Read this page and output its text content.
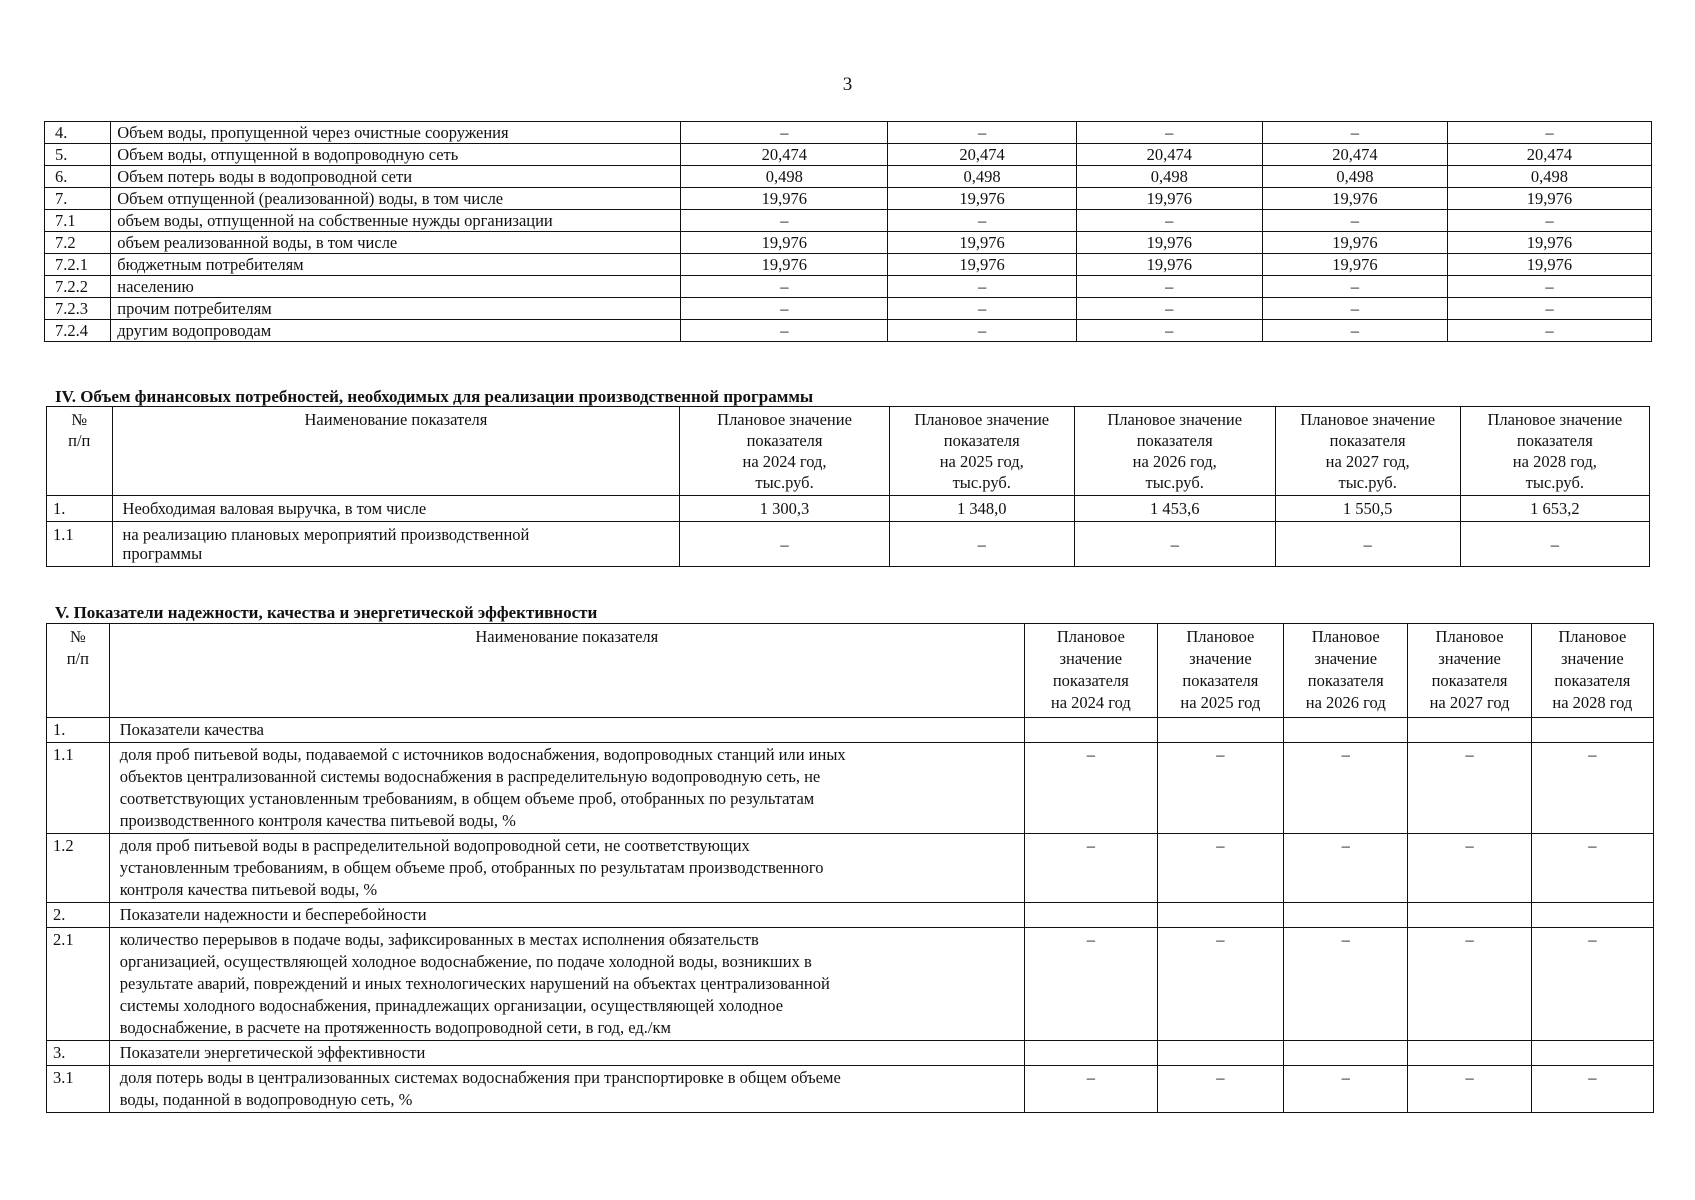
3
4.	Объем воды, пропущенной через очистные сооружения	–	–	–	–	–
5.	Объем воды, отпущенной в водопроводную сеть	20,474	20,474	20,474	20,474	20,474
6.	Объем потерь воды в водопроводной сети	0,498	0,498	0,498	0,498	0,498
7.	Объем отпущенной (реализованной) воды, в том числе	19,976	19,976	19,976	19,976	19,976
7.1	объем воды, отпущенной на собственные нужды организации	–	–	–	–	–
7.2	объем реализованной воды, в том числе	19,976	19,976	19,976	19,976	19,976
7.2.1	бюджетным потребителям	19,976	19,976	19,976	19,976	19,976
7.2.2	населению	–	–	–	–	–
7.2.3	прочим потребителям	–	–	–	–	–
7.2.4	другим водопроводам	–	–	–	–	–
IV. Объем финансовых потребностей, необходимых для реализации производственной программы
№
п/п	Наименование показателя	Плановое значение
показателя
на 2024 год,
тыс.руб.	Плановое значение
показателя
на 2025 год,
тыс.руб.	Плановое значение
показателя
на 2026 год,
тыс.руб.	Плановое значение
показателя
на 2027 год,
тыс.руб.	Плановое значение
показателя
на 2028 год,
тыс.руб.
1.	Необходимая валовая выручка, в том числе	1 300,3	1 348,0	1 453,6	1 550,5	1 653,2
1.1	на реализацию плановых мероприятий производственной
программы	–	–	–	–	–
V. Показатели надежности, качества и энергетической эффективности
№
п/п	Наименование показателя	Плановое
значение
показателя
на 2024 год	Плановое
значение
показателя
на 2025 год	Плановое
значение
показателя
на 2026 год	Плановое
значение
показателя
на 2027 год	Плановое
значение
показателя
на 2028 год
1.	Показатели качества					
1.1	доля проб питьевой воды, подаваемой с источников водоснабжения, водопроводных станций или иных
объектов централизованной системы водоснабжения в распределительную водопроводную сеть, не
соответствующих установленным требованиям, в общем объеме проб, отобранных по результатам
производственного контроля качества питьевой воды, %	–	–	–	–	–
1.2	доля проб питьевой воды в распределительной водопроводной сети, не соответствующих
установленным требованиям, в общем объеме проб, отобранных по результатам производственного
контроля качества питьевой воды, %	–	–	–	–	–
2.	Показатели надежности и бесперебойности					
2.1	количество перерывов в подаче воды, зафиксированных в местах исполнения обязательств
организацией, осуществляющей холодное водоснабжение, по подаче холодной воды, возникших в
результате аварий, повреждений и иных технологических нарушений на объектах централизованной
системы холодного водоснабжения, принадлежащих организации, осуществляющей холодное
водоснабжение, в расчете на протяженность водопроводной сети, в год, ед./км	–	–	–	–	–
3.	Показатели энергетической эффективности					
3.1	доля потерь воды в централизованных системах водоснабжения при транспортировке в общем объеме
воды, поданной в водопроводную сеть, %	–	–	–	–	–
